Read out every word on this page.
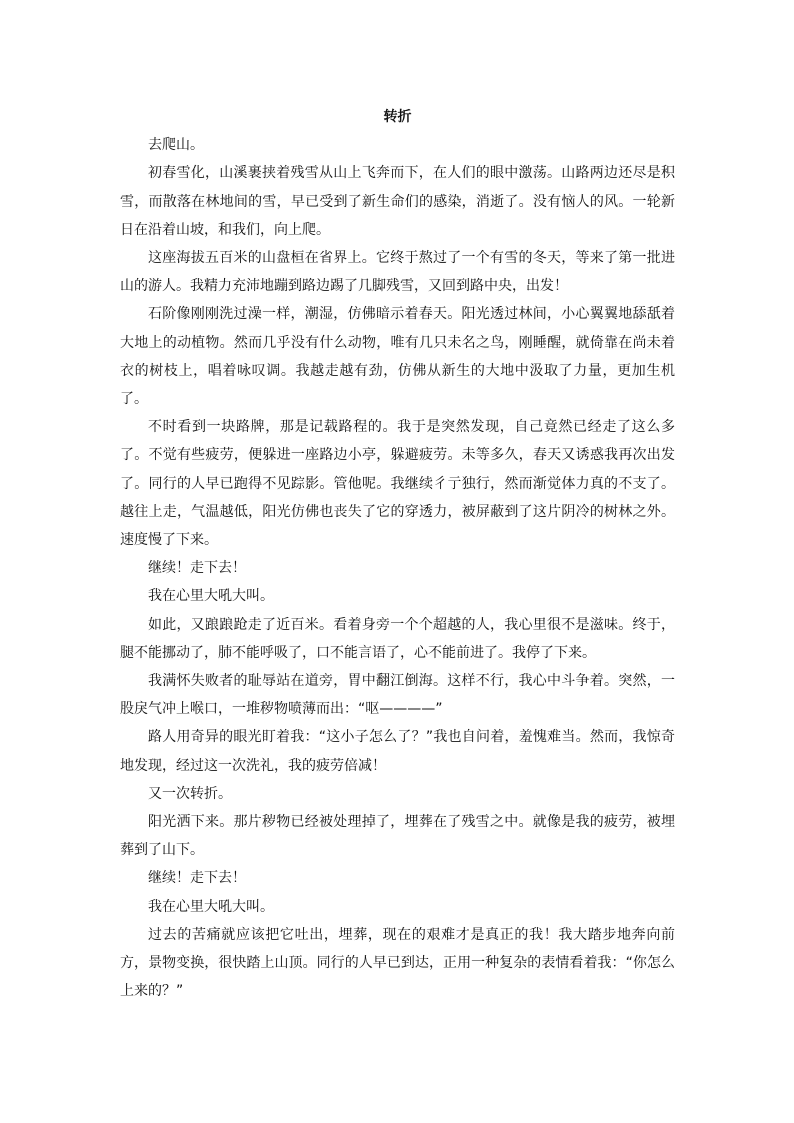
转折

去爬山。

初春雪化，山溪裹挟着残雪从山上飞奔而下，在人们的眼中激荡。山路两边还尽是积雪，而散落在林地间的雪，早已受到了新生命们的感染，消逝了。没有恼人的风。一轮新日在沿着山坡，和我们，向上爬。

这座海拔五百米的山盘桓在省界上。它终于熬过了一个有雪的冬天，等来了第一批进山的游人。我精力充沛地蹦到路边踢了几脚残雪，又回到路中央，出发！

石阶像刚刚洗过澡一样，潮湿，仿佛暗示着春天。阳光透过林间，小心翼翼地舔舐着大地上的动植物。然而几乎没有什么动物，唯有几只未名之鸟，刚睡醒，就倚靠在尚未着衣的树枝上，唱着咏叹调。我越走越有劲，仿佛从新生的大地中汲取了力量，更加生机了。

不时看到一块路牌，那是记载路程的。我于是突然发现，自己竟然已经走了这么多了。不觉有些疲劳，便躲进一座路边小亭，躲避疲劳。未等多久，春天又诱惑我再次出发了。同行的人早已跑得不见踪影。管他呢。我继续彳亍独行，然而渐觉体力真的不支了。越往上走，气温越低，阳光仿佛也丧失了它的穿透力，被屏蔽到了这片阴冷的树林之外。速度慢了下来。

继续！走下去！

我在心里大吼大叫。

如此，又踉踉跄走了近百米。看着身旁一个个超越的人，我心里很不是滋味。终于，腿不能挪动了，肺不能呼吸了，口不能言语了，心不能前进了。我停了下来。

我满怀失败者的耻辱站在道旁，胃中翻江倒海。这样不行，我心中斗争着。突然，一股戾气冲上喉口，一堆秽物喷薄而出：“呕————”

路人用奇异的眼光盯着我：“这小子怎么了？”我也自问着，羞愧难当。然而，我惊奇地发现，经过这一次洗礼，我的疲劳倍减！

又一次转折。

阳光洒下来。那片秽物已经被处理掉了，埋葬在了残雪之中。就像是我的疲劳，被埋葬到了山下。

继续！走下去！

我在心里大吼大叫。

过去的苦痛就应该把它吐出，埋葬，现在的艰难才是真正的我！我大踏步地奔向前方，景物变换，很快踏上山顶。同行的人早已到达，正用一种复杂的表情看着我：“你怎么上来的？”
